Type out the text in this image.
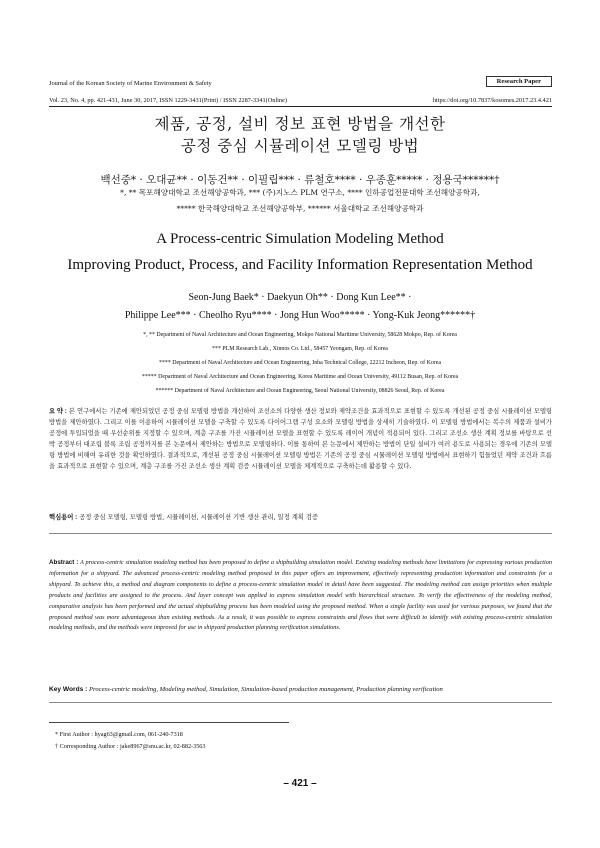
Journal of the Korean Society of Marine Environment & Safety	Research Paper
Vol. 23, No. 4, pp. 421-431, June 30, 2017, ISSN 1229-3431(Print) / ISSN 2287-3341(Online)	https://doi.org/10.7837/kosomes.2017.23.4.421
제품, 공정, 설비 정보 표현 방법을 개선한
공정 중심 시뮬레이션 모델링 방법
백선중* · 오대균** · 이동건** · 이필립*** · 류철호**** · 우종훈***** · 정용국******†
*, ** 목포해양대학교 조선해양공학과, *** (주)지노스 PLM 연구소, **** 인하공업전문대학 조선해양공학과,
***** 한국해양대학교 조선해양공학부, ****** 서울대학교 조선해양공학과
A Process-centric Simulation Modeling Method
Improving Product, Process, and Facility Information Representation Method
Seon-Jung Baek* · Daekyun Oh** · Dong Kun Lee** ·
Philippe Lee*** · Cheolho Ryu**** · Jong Hun Woo***** · Yong-Kuk Jeong******†
*, ** Department of Naval Architecture and Ocean Engineering, Mokpo National Maritime University, 58628 Mokpo, Rep. of Korea
*** PLM Research Lab., Xinnos Co. Ltd., 58457 Yeongam, Rep. of Korea
**** Department of Naval Architecture and Ocean Engineering, Inha Technical College, 22212 Incheon, Rep. of Korea
***** Department of Naval Architecture and Ocean Engineering, Korea Maritime and Ocean University, 49112 Busan, Rep. of Korea
****** Department of Naval Architecture and Ocean Engineering, Seoul National University, 08826 Seoul, Rep. of Korea
요 약 : 본 연구에서는 기존에 제안되었던 공정 중심 모델링 방법을 개선하여 조선소의 다양한 생산 정보와 제약조건을 효과적으로 표현할 수 있도록 개선된 공정 중심 시뮬레이션 모델링 방법을 제안하였다. 그리고 이를 이용하여 시뮬레이션 모델을 구축할 수 있도록 다이어그램 구성 요소와 모델링 방법을 상세히 기술하였다. 이 모델링 방법에서는 복수의 제품과 설비가 공정에 투입되었을 때 우선순위를 지정할 수 있으며, 계층 구조를 가진 시뮬레이션 모델을 표현할 수 있도록 레이어 개념이 적용되어 있다. 그리고 조선소 생산 계획 정보를 바탕으로 선박 공정부터 대조립 블록 조립 공정까지를 본 논문에서 제안하는 방법으로 모델링하다. 이를 통하여 본 논문에서 제안하는 방법이 단일 설비가 여러 용도로 사용되는 경우에 기존의 모델링 방법에 비해여 유리한 것을 확인하였다. 결과적으로, 개선된 공정 중심 시뮬레이션 모델링 방법은 기존의 공정 중심 시뮬레이션 모델링 방법에서 표현하기 힘들었던 제약 조건과 흐름을 효과적으로 표현할 수 있으며, 계층 구조를 가진 조선소 생산 계획 검증 시뮬레이션 모델을 체계적으로 구축하는데 활용할 수 있다.
핵심용어 : 공정 중심 모델링, 모델링 방법, 시뮬레이션, 시뮬레이션 기반 생산 관리, 일정 계획 검증
Abstract : A process-centric simulation modeling method has been proposed to define a shipbuilding simulation model. Existing modeling methods have limitations for expressing various production information for a shipyard. The advanced process-centric modeling method proposed in this paper offers an improvement, effectively representing production information and constraints for a shipyard. To achieve this, a method and diagram components to define a process-centric simulation model in detail have been suggested. The modeling method can assign priorities when multiple products and facilities are assigned to the process. And layer concept was applied to express simulation model with hierarchical structure. To verify the effectiveness of the modeling method, comparative analysis has been performed and the actual shipbuilding process has been modeled using the proposed method. When a single facility was used for various purposes, we found that the proposed method was more advantageous than existing methods. As a result, it was possible to express constraints and flows that were difficult to identify with existing process-centric simulation modeling methods, and the methods were improved for use in shipyard production planning verification simulations.
Key Words : Process-centric modeling, Modeling method, Simulation, Simulation-based production management, Production planning verification
* First Author : hyag63@gmail.com, 061-240-7318
† Corresponding Author : jake8967@snu.ac.kr, 02-882-3563
– 421 –
